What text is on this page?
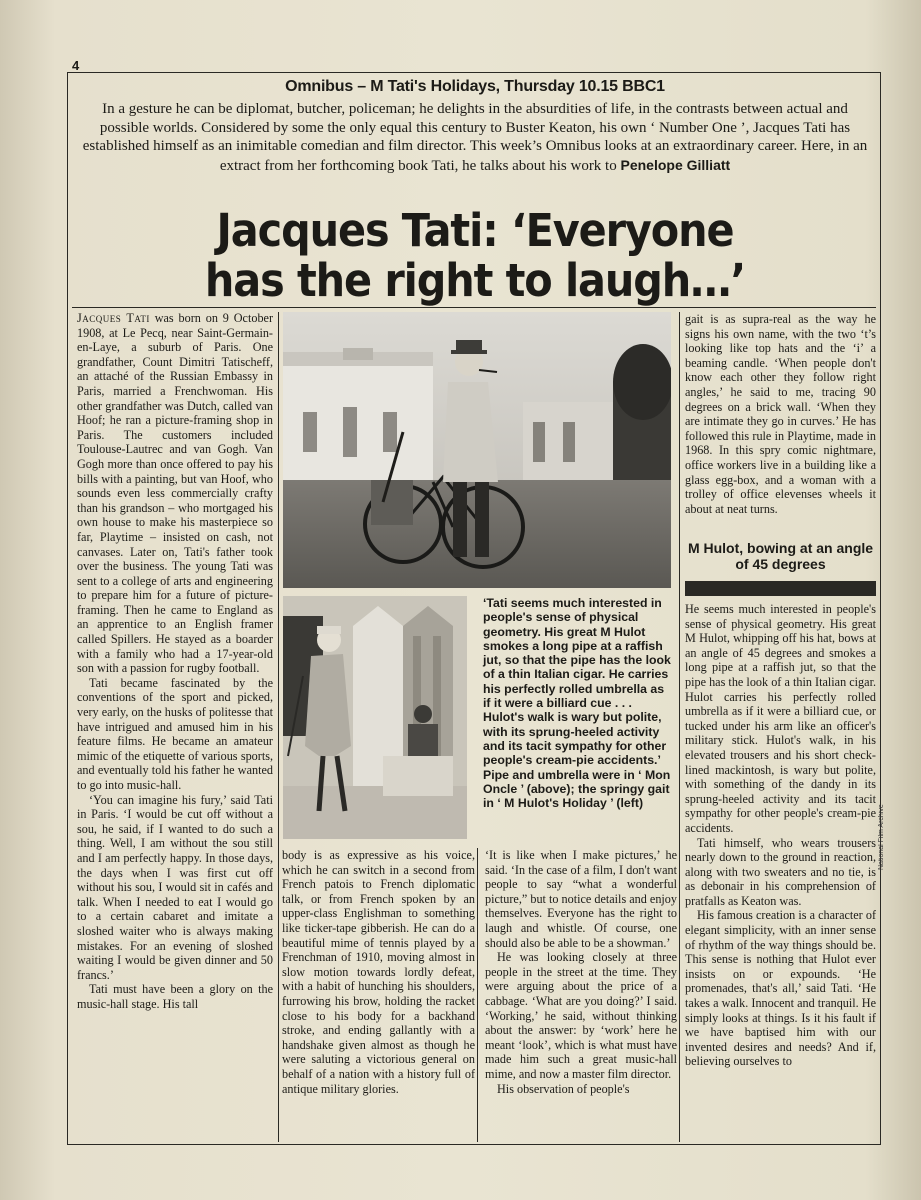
4
Omnibus – M Tati's Holidays, Thursday 10.15 BBC1
In a gesture he can be diplomat, butcher, policeman; he delights in the absurdities of life, in the contrasts between actual and possible worlds. Considered by some the only equal this century to Buster Keaton, his own ‘ Number One ’, Jacques Tati has established himself as an inimitable comedian and film director. This week’s Omnibus looks at an extraordinary career. Here, in an extract from her forthcoming book Tati, he talks about his work to Penelope Gilliatt
Jacques Tati: ‘Everyone
has the right to laugh…’

Jacques Tati was born on 9 October 1908, at Le Pecq, near Saint-Germain-en-Laye, a suburb of Paris. One grandfather, Count Dimitri Tatischeff, an attaché of the Russian Embassy in Paris, married a Frenchwoman. His other grandfather was Dutch, called van Hoof; he ran a picture-framing shop in Paris. The customers included Toulouse-Lautrec and van Gogh. Van Gogh more than once offered to pay his bills with a painting, but van Hoof, who sounds even less commercially crafty than his grandson – who mortgaged his own house to make his masterpiece so far, Playtime – insisted on cash, not canvases. Later on, Tati's father took over the business. The young Tati was sent to a college of arts and engineering to prepare him for a future of picture-framing. Then he came to England as an apprentice to an English framer called Spillers. He stayed as a boarder with a family who had a 17-year-old son with a passion for rugby football.

Tati became fascinated by the conventions of the sport and picked, very early, on the husks of politesse that have intrigued and amused him in his feature films. He became an amateur mimic of the etiquette of various sports, and eventually told his father he wanted to go into music-hall.

‘You can imagine his fury,’ said Tati in Paris. ‘I would be cut off without a sou, he said, if I wanted to do such a thing. Well, I am without the sou still and I am perfectly happy. In those days, the days when I was first cut off without his sou, I would sit in cafés and talk. When I needed to eat I would go to a certain cabaret and imitate a sloshed waiter who is always making mistakes. For an evening of sloshed waiting I would be given dinner and 50 francs.’

Tati must have been a glory on the music-hall stage. His tall

‘Tati seems much interested in people's sense of physical geometry. His great M Hulot smokes a long pipe at a raffish jut, so that the pipe has the look of a thin Italian cigar. He carries his perfectly rolled umbrella as if it were a billiard cue . . . Hulot's walk is wary but polite, with its sprung-heeled activity and its tacit sympathy for other people's cream-pie accidents.’ Pipe and umbrella were in ‘ Mon Oncle ’ (above); the springy gait in ‘ M Hulot's Holiday ’ (left)

body is as expressive as his voice, which he can switch in a second from French patois to French diplomatic talk, or from French spoken by an upper-class Englishman to something like ticker-tape gibberish. He can do a beautiful mime of tennis played by a Frenchman of 1910, moving almost in slow motion towards lordly defeat, with a habit of hunching his shoulders, furrowing his brow, holding the racket close to his body for a backhand stroke, and ending gallantly with a handshake given almost as though he were saluting a victorious general on behalf of a nation with a history full of antique military glories.

‘It is like when I make pictures,’ he said. ‘In the case of a film, I don't want people to say “what a wonderful picture,” but to notice details and enjoy themselves. Everyone has the right to laugh and whistle. Of course, one should also be able to be a showman.’

He was looking closely at three people in the street at the time. They were arguing about the price of a cabbage. ‘What are you doing?’ I said. ‘Working,’ he said, without thinking about the answer: by ‘work’ here he meant ‘look’, which is what must have made him such a great music-hall mime, and now a master film director.

His observation of people's

gait is as supra-real as the way he signs his own name, with the two ‘t’s looking like top hats and the ‘i’ a beaming candle. ‘When people don't know each other they follow right angles,’ he said to me, tracing 90 degrees on a brick wall. ‘When they are intimate they go in curves.’ He has followed this rule in Playtime, made in 1968. In this spry comic nightmare, office workers live in a building like a glass egg-box, and a woman with a trolley of office elevenses wheels it about at neat turns.

M Hulot, bowing at an angle of 45 degrees

He seems much interested in people's sense of physical geometry. His great M Hulot, whipping off his hat, bows at an angle of 45 degrees and smokes a long pipe at a raffish jut, so that the pipe has the look of a thin Italian cigar. Hulot carries his perfectly rolled umbrella as if it were a billiard cue, or tucked under his arm like an officer's military stick. Hulot's walk, in his elevated trousers and his short check-lined mackintosh, is wary but polite, with something of the dandy in its sprung-heeled activity and its tacit sympathy for other people's cream-pie accidents.

Tati himself, who wears trousers nearly down to the ground in reaction, along with two sweaters and no tie, is as debonair in his comprehension of pratfalls as Keaton was.

His famous creation is a character of elegant simplicity, with an inner sense of rhythm of the way things should be. This sense is nothing that Hulot ever insists on or expounds. ‘He promenades, that's all,’ said Tati. ‘He takes a walk. Innocent and tranquil. He simply looks at things. Is it his fault if we have baptised him with our invented desires and needs? And if, believing ourselves to

National Film Archive
